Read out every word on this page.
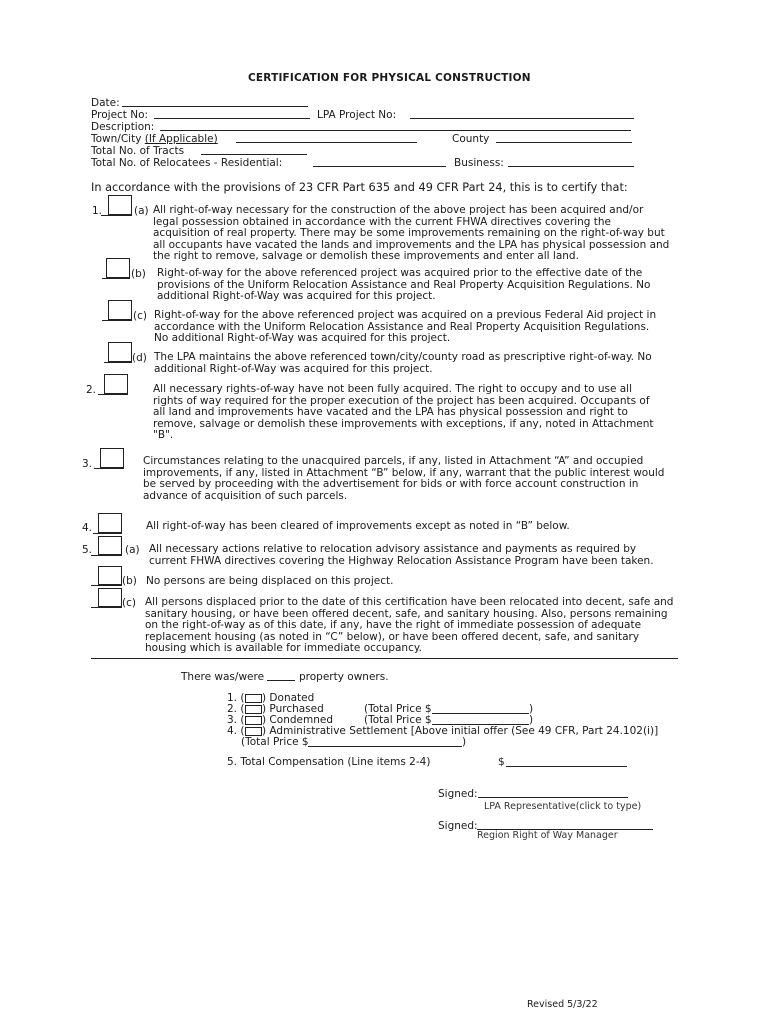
CERTIFICATION FOR PHYSICAL CONSTRUCTION
Date:
Project No:	LPA Project No:
Description:
Town/City (If Applicable)	County
Total No. of Tracts
Total No. of Relocatees - Residential:	Business:
In accordance with the provisions of 23 CFR Part 635 and 49 CFR Part 24, this is to certify that:
1.	(a) All right-of-way necessary for the construction of the above project has been acquired and/or legal possession obtained in accordance with the current FHWA directives covering the acquisition of real property. There may be some improvements remaining on the right-of-way but all occupants have vacated the lands and improvements and the LPA has physical possession and the right to remove, salvage or demolish these improvements and enter all land.
(b) Right-of-way for the above referenced project was acquired prior to the effective date of the provisions of the Uniform Relocation Assistance and Real Property Acquisition Regulations. No additional Right-of-Way was acquired for this project.
(c) Right-of-way for the above referenced project was acquired on a previous Federal Aid project in accordance with the Uniform Relocation Assistance and Real Property Acquisition Regulations. No additional Right-of-Way was acquired for this project.
(d) The LPA maintains the above referenced town/city/county road as prescriptive right-of-way. No additional Right-of-Way was acquired for this project.
2.	All necessary rights-of-way have not been fully acquired. The right to occupy and to use all rights of way required for the proper execution of the project has been acquired. Occupants of all land and improvements have vacated and the LPA has physical possession and right to remove, salvage or demolish these improvements with exceptions, if any, noted in Attachment "B".
3.	Circumstances relating to the unacquired parcels, if any, listed in Attachment “A” and occupied improvements, if any, listed in Attachment “B” below, if any, warrant that the public interest would be served by proceeding with the advertisement for bids or with force account construction in advance of acquisition of such parcels.
4.	All right-of-way has been cleared of improvements except as noted in “B” below.
5.	(a) All necessary actions relative to relocation advisory assistance and payments as required by current FHWA directives covering the Highway Relocation Assistance Program have been taken.
(b) No persons are being displaced on this project.
(c) All persons displaced prior to the date of this certification have been relocated into decent, safe and sanitary housing, or have been offered decent, safe, and sanitary housing. Also, persons remaining on the right-of-way as of this date, if any, have the right of immediate possession of adequate replacement housing (as noted in “C” below), or have been offered decent, safe, and sanitary housing which is available for immediate occupancy.
There was/were	property owners.
1. ( ) Donated
2. ( ) Purchased	(Total Price $	)
3. ( ) Condemned	(Total Price $	)
4. ( ) Administrative Settlement [Above initial offer (See 49 CFR, Part 24.102(i)]
(Total Price $	)
5. Total Compensation (Line items 2-4)	$
Signed:
LPA Representative(click to type)
Signed:
Region Right of Way Manager
Revised 5/3/22
